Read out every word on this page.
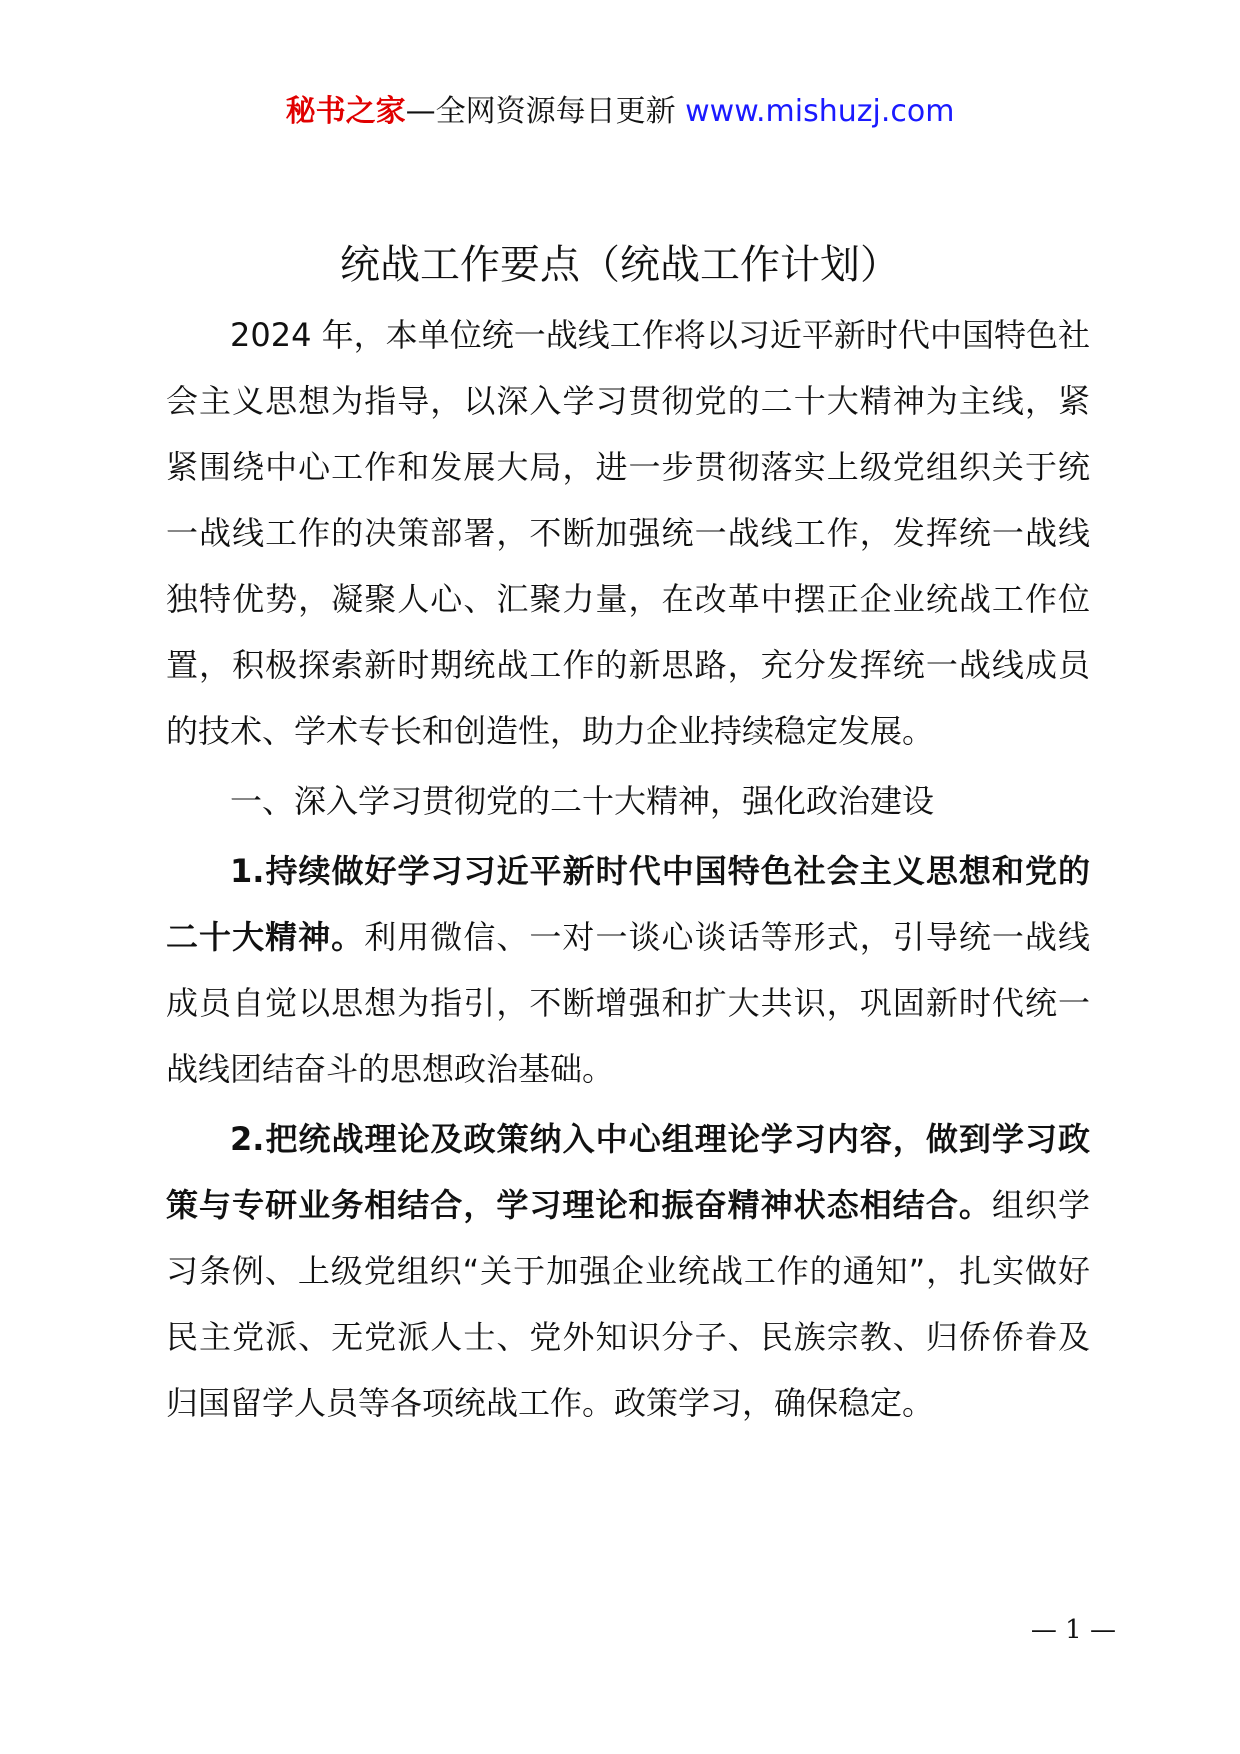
秘书之家—全网资源每日更新 www.mishuzj.com
统战工作要点（统战工作计划）

2024 年，本单位统一战线工作将以习近平新时代中国特色社会主义思想为指导，以深入学习贯彻党的二十大精神为主线，紧紧围绕中心工作和发展大局，进一步贯彻落实上级党组织关于统一战线工作的决策部署，不断加强统一战线工作，发挥统一战线独特优势，凝聚人心、汇聚力量，在改革中摆正企业统战工作位置，积极探索新时期统战工作的新思路，充分发挥统一战线成员的技术、学术专长和创造性，助力企业持续稳定发展。

一、深入学习贯彻党的二十大精神，强化政治建设

1.持续做好学习习近平新时代中国特色社会主义思想和党的二十大精神。利用微信、一对一谈心谈话等形式，引导统一战线成员自觉以思想为指引，不断增强和扩大共识，巩固新时代统一战线团结奋斗的思想政治基础。

2.把统战理论及政策纳入中心组理论学习内容，做到学习政策与专研业务相结合，学习理论和振奋精神状态相结合。组织学习条例、上级党组织“关于加强企业统战工作的通知”，扎实做好民主党派、无党派人士、党外知识分子、民族宗教、归侨侨眷及归国留学人员等各项统战工作。政策学习，确保稳定。

— 1 —
